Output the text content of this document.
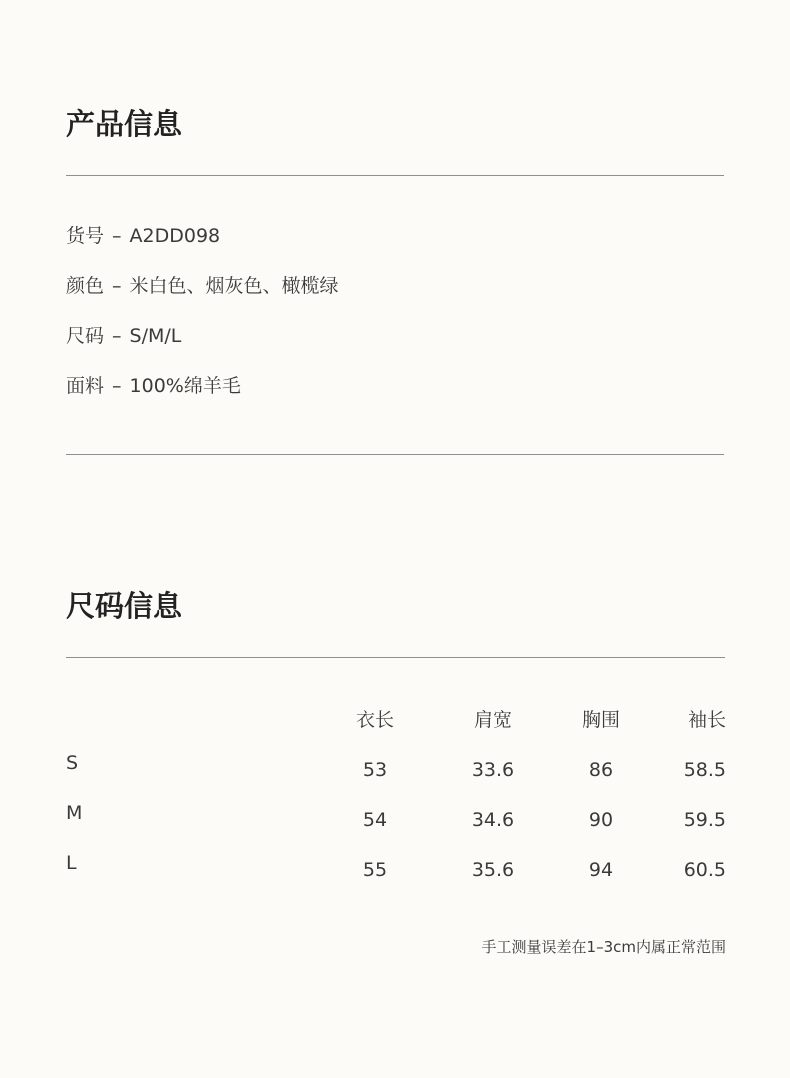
产品信息
货号 – A2DD098
颜色 – 米白色、烟灰色、橄榄绿
尺码 – S/M/L
面料 – 100%绵羊毛
尺码信息
	衣长	肩宽	胸围	袖长
S	53	33.6	86	58.5
M	54	34.6	90	59.5
L	55	35.6	94	60.5
手工测量误差在1–3cm内属正常范围
